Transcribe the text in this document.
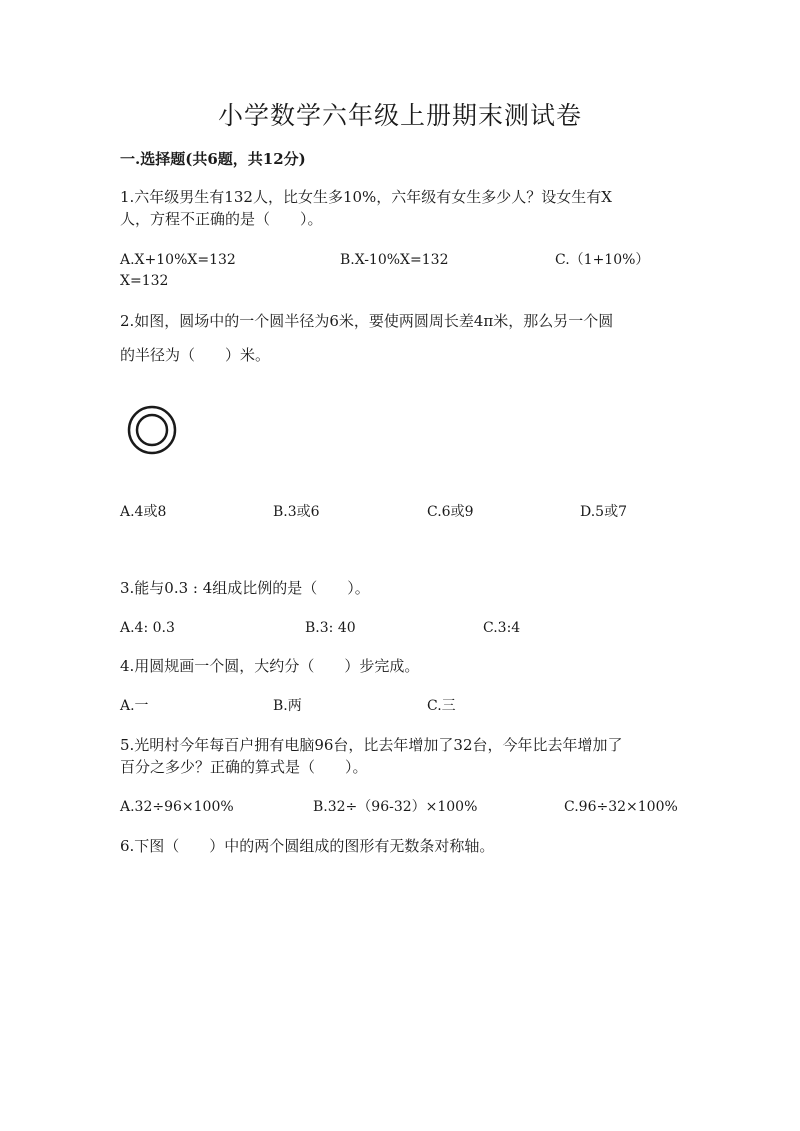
小学数学六年级上册期末测试卷
一.选择题(共6题，共12分)
1.六年级男生有132人，比女生多10%，六年级有女生多少人？设女生有X
人，方程不正确的是（　　）。
A.X+10%X=132	B.X-10%X=132	C.（1+10%）
X=132
2.如图，圆场中的一个圆半径为6米，要使两圆周长差4π米，那么另一个圆
的半径为（　　）米。
A.4或8	B.3或6	C.6或9	D.5或7
3.能与0.3 : 4组成比例的是（　　）。
A.4: 0.3	B.3: 40	C.3:4
4.用圆规画一个圆，大约分（　　）步完成。
A.一	B.两	C.三
5.光明村今年每百户拥有电脑96台，比去年增加了32台，今年比去年增加了
百分之多少？正确的算式是（　　）。
A.32÷96×100%	B.32÷（96-32）×100%	C.96÷32×100%
6.下图（　　）中的两个圆组成的图形有无数条对称轴。
